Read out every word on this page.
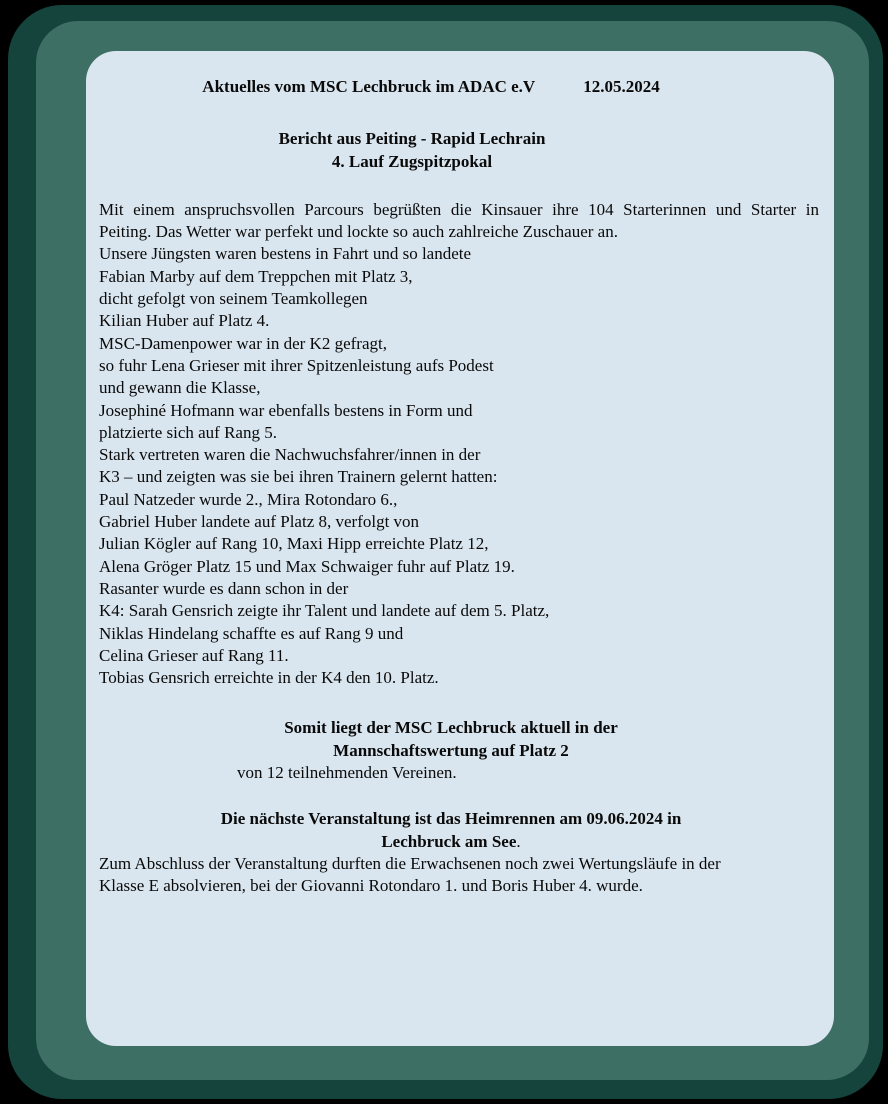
Aktuelles vom MSC Lechbruck im ADAC e.V	12.05.2024
Bericht aus Peiting - Rapid Lechrain
4. Lauf Zugspitzpokal
Mit einem anspruchsvollen Parcours begrüßten die Kinsauer ihre 104 Starterinnen und Starter in
Peiting. Das Wetter war perfekt und lockte so auch zahlreiche Zuschauer an.
Unsere Jüngsten waren bestens in Fahrt und so landete
Fabian Marby auf dem Treppchen mit Platz 3,
dicht gefolgt von seinem Teamkollegen
Kilian Huber auf Platz 4.
MSC-Damenpower war in der K2 gefragt,
so fuhr Lena Grieser mit ihrer Spitzenleistung aufs Podest
und gewann die Klasse,
Josephiné Hofmann war ebenfalls bestens in Form und
platzierte sich auf Rang 5.
Stark vertreten waren die Nachwuchsfahrer/innen in der
K3 – und zeigten was sie bei ihren Trainern gelernt hatten:
Paul Natzeder wurde 2., Mira Rotondaro 6.,
Gabriel Huber landete auf Platz 8, verfolgt von
Julian Kögler auf Rang 10, Maxi Hipp erreichte Platz 12,
Alena Gröger Platz 15 und Max Schwaiger fuhr auf Platz 19.
Rasanter wurde es dann schon in der
K4: Sarah Gensrich zeigte ihr Talent und landete auf dem 5. Platz,
Niklas Hindelang schaffte es auf Rang 9 und
Celina Grieser auf Rang 11.
Tobias Gensrich erreichte in der K4 den 10. Platz.
Somit liegt der MSC Lechbruck aktuell in der
Mannschaftswertung auf Platz 2
von 12 teilnehmenden Vereinen.
Die nächste Veranstaltung ist das Heimrennen am 09.06.2024 in
Lechbruck am See.
Zum Abschluss der Veranstaltung durften die Erwachsenen noch zwei Wertungsläufe in der
Klasse E absolvieren, bei der Giovanni Rotondaro 1. und Boris Huber 4. wurde.
